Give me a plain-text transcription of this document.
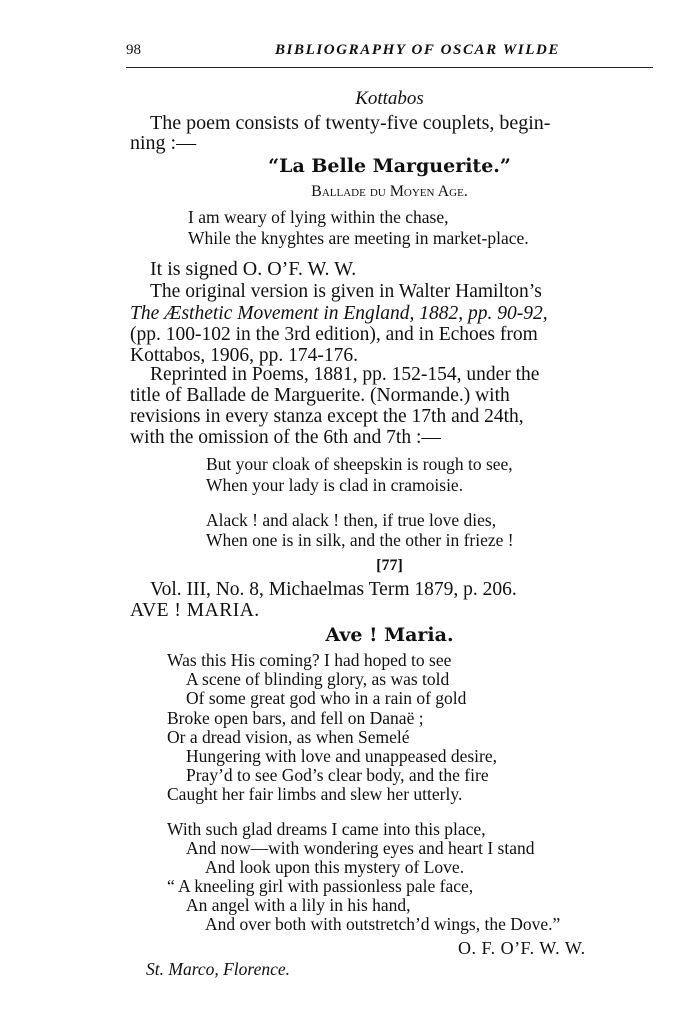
98	BIBLIOGRAPHY OF OSCAR WILDE
Kottabos
The poem consists of twenty-five couplets, begin-
ning :—
“La Belle Marguerite.”
Ballade du Moyen Age.
I am weary of lying within the chase,
While the knyghtes are meeting in market-place.
It is signed O. O’F. W. W.
The original version is given in Walter Hamilton’s
The Æsthetic Movement in England, 1882, pp. 90-92,
(pp. 100-102 in the 3rd edition), and in Echoes from
Kottabos, 1906, pp. 174-176.
Reprinted in Poems, 1881, pp. 152-154, under the
title of Ballade de Marguerite. (Normande.) with
revisions in every stanza except the 17th and 24th,
with the omission of the 6th and 7th :—
But your cloak of sheepskin is rough to see,
When your lady is clad in cramoisie.
Alack ! and alack ! then, if true love dies,
When one is in silk, and the other in frieze !
[77]
Vol. III, No. 8, Michaelmas Term 1879, p. 206.
AVE ! MARIA.
Ave ! Maria.
Was this His coming? I had hoped to see
A scene of blinding glory, as was told
Of some great god who in a rain of gold
Broke open bars, and fell on Danaë ;
Or a dread vision, as when Semelé
Hungering with love and unappeased desire,
Pray’d to see God’s clear body, and the fire
Caught her fair limbs and slew her utterly.
With such glad dreams I came into this place,
And now—with wondering eyes and heart I stand
And look upon this mystery of Love.
“ A kneeling girl with passionless pale face,
An angel with a lily in his hand,
And over both with outstretch’d wings, the Dove.”
O. F. O’F. W. W.
St. Marco, Florence.
